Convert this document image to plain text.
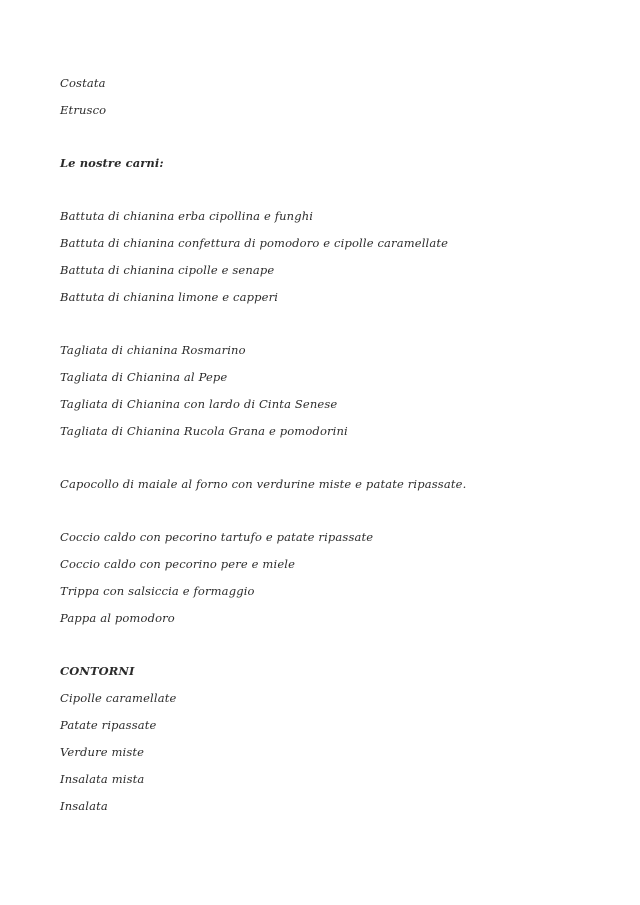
Costata
Etrusco
Le nostre carni:
Battuta di chianina erba cipollina e funghi
Battuta di chianina confettura di pomodoro e cipolle caramellate
Battuta di chianina cipolle e senape
Battuta di chianina limone e capperi
Tagliata di chianina Rosmarino
Tagliata di Chianina al Pepe
Tagliata di Chianina con lardo di Cinta Senese
Tagliata di Chianina Rucola Grana e pomodorini
Capocollo di maiale al forno con verdurine miste e patate ripassate.
Coccio caldo con pecorino tartufo e patate ripassate
Coccio caldo con pecorino pere e miele
Trippa con salsiccia e formaggio
Pappa al pomodoro
CONTORNI
Cipolle caramellate
Patate ripassate
Verdure miste
Insalata mista
Insalata
